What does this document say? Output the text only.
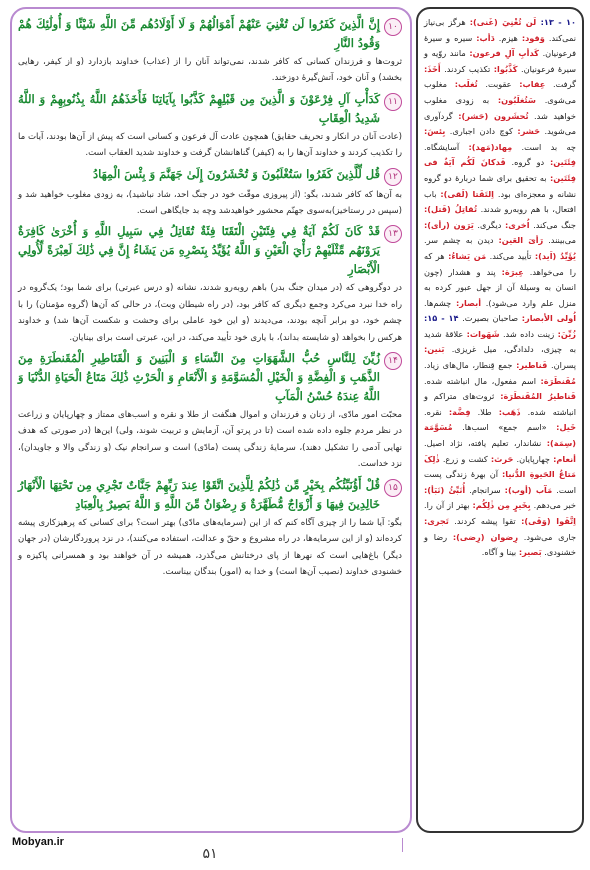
۱۰
إِنَّ الَّذِينَ كَفَرُوا لَن تُغْنِيَ عَنْهُمْ أَمْوَالُهُمْ وَ لَا أَوْلَادُهُم مِّنَ اللَّهِ شَيْئًا وَ أُولَٰئِكَ هُمْ وَقُودُ النَّارِ
ثروت‌ها و فرزندان کسانی که کافر شدند، نمی‌تواند آنان را از (عذاب) خداوند بازدارد (و از کیفر، رهایی بخشد) و آنان خود، آتش‌گیرهٔ دوزخند.
۱۱
كَدَأْبِ آلِ فِرْعَوْنَ وَ الَّذِينَ مِن قَبْلِهِمْ كَذَّبُوا بِآيَاتِنَا فَأَخَذَهُمُ اللَّهُ بِذُنُوبِهِمْ وَ اللَّهُ شَدِيدُ الْعِقَابِ
(عادت آنان در انکار و تحریف حقایق) همچون عادت آل فرعون و کسانی است که پیش از آن‌ها بودند، آیات ما را تکذیب کردند و خداوند آن‌ها را به (کیفر) گناهانشان گرفت و خداوند شدید العقاب است.
۱۲
قُل لِّلَّذِينَ كَفَرُوا سَتُغْلَبُونَ وَ تُحْشَرُونَ إِلَىٰ جَهَنَّمَ وَ بِئْسَ الْمِهَادُ
به آن‌ها که کافر شدند، بگو: (از پیروزی موقّت خود در جنگ احد، شاد نباشید)، به زودی مغلوب خواهید شد و (سپس در رستاخیز)به‌سوی جهنّم محشور خواهیدشد وچه بد جایگاهی است.
۱۳
قَدْ كَانَ لَكُمْ آيَةٌ فِي فِئَتَيْنِ الْتَقَتَا فِئَةٌ تُقَاتِلُ فِي سَبِيلِ اللَّهِ وَ أُخْرَىٰ كَافِرَةٌ يَرَوْنَهُم مِّثْلَيْهِمْ رَأْيَ الْعَيْنِ وَ اللَّهُ يُؤَيِّدُ بِنَصْرِهِ مَن يَشَاءُ إِنَّ فِي ذَٰلِكَ لَعِبْرَةً لِّأُولِي الْأَبْصَارِ
در دوگروهی که (در میدان جنگ بدر) باهم روبه‌رو شدند، نشانه (و درس عبرتی) برای شما بود؛ یک‌گروه در راه خدا نبرد می‌کرد وجمع دیگری که کافر بود، (در راه شیطان وبت)، در حالی که آن‌ها (گروه مؤمنان) را با چشم خود، دو برابر آنچه بودند، می‌دیدند (و این خود عاملی برای وحشت و شکست آن‌ها شد) و خداوند هرکس را بخواهد (و شایسته بداند)، با یاری خود تأیید می‌کند، در این، عبرتی است برای بینایان.
۱۴
زُيِّنَ لِلنَّاسِ حُبُّ الشَّهَوَاتِ مِنَ النِّسَاءِ وَ الْبَنِينَ وَ الْقَنَاطِيرِ الْمُقَنطَرَةِ مِنَ الذَّهَبِ وَ الْفِضَّةِ وَ الْخَيْلِ الْمُسَوَّمَةِ وَ الْأَنْعَامِ وَ الْحَرْثِ ذَٰلِكَ مَتَاعُ الْحَيَاةِ الدُّنْيَا وَ اللَّهُ عِندَهُ حُسْنُ الْمَآبِ
محبّت امور مادّی، از زنان و فرزندان و اموال هنگفت از طلا و نقره و اسب‌های ممتاز و چهارپایان و زراعت در نظر مردم جلوه داده شده است (تا در پرتو آن، آزمایش و تربیت شوند، ولی) این‌ها (در صورتی که هدف نهایی آدمی را تشکیل دهند)، سرمایهٔ زندگی پست (مادّی) است و سرانجام نیک (و زندگی والا و جاویدان)، نزد خداست.
۱۵
قُلْ أَؤُنَبِّئُكُم بِخَيْرٍ مِّن ذَٰلِكُمْ لِلَّذِينَ اتَّقَوْا عِندَ رَبِّهِمْ جَنَّاتٌ تَجْرِي مِن تَحْتِهَا الْأَنْهَارُ خَالِدِينَ فِيهَا وَ أَزْوَاجٌ مُّطَهَّرَةٌ وَ رِضْوَانٌ مِّنَ اللَّهِ وَ اللَّهُ بَصِيرٌ بِالْعِبَادِ
بگو: آیا شما را از چیزی آگاه کنم که از این (سرمایه‌های مادّی) بهتر است؟ برای کسانی که پرهیزکاری پیشه کرده‌اند (و از این سرمایه‌ها، در راه مشروع و حقّ و عدالت، استفاده می‌کنند)، در نزد پروردگارشان (در جهان دیگر) باغ‌هایی است که نهرها از پای درختانش می‌گذرد، همیشه در آن خواهند بود و همسرانی پاکیزه و خشنودی خداوند (نصیب آن‌ها است) و خدا به (امور) بندگان بیناست.
۱۰ - ۱۳: لَن تُغْنِيَ (غَنی): هرگز بی‌نیاز نمی‌کند. وَقود: هیزم. دَأب: سیره و سیرهٔ فرعونیان. کَدأبِ آلِ فرعون: مانند روّیه و سیرهٔ فرعونیان. کَذَّبُوا: تکذیب کردند. أَخَذَ: گرفت. عِقاب: عقوبت. تُغلَب: مغلوب می‌شوی. سَتُغلَبُون: به زودی مغلوب خواهید شد. تُحشَرون (حَشر): گردآوری می‌شوید. حَشر: کوچ دادن اجباری. بِئسَ: چه بد است. مِهاد(مَهد): آسایشگاه. فِئَتَین: دو گروه. قَدکانَ لَکُم آیَةٌ فی فِئَتَین: به تحقیق برای شما دربارهٔ دو گروه نشانه و معجزه‌ای بود. اِلتَقَتا (لَقی): باب افتعال، با هم روبه‌رو شدند. تُقاتِلُ (قَتل): جنگ می‌کند. اُخری: دیگری. یَرَون (رأی): می‌بینند. رَأیَ العَین: دیدن به چشم سر. یُؤَیِّدُ (اَید): تأیید می‌کند. مَن یَشاءُ: هر که را می‌خواهد. عِبرَة: پند و هشدار (چون انسان به وسیلهٔ آن از جهل عبور کرده به منزل علم وارد می‌شود). أبصار: چشم‌ها. اُولی الأبصار: صاحبان بصیرت. ۱۴ - ۱۵: زُیِّنَ: زینت داده شد. شَهَوات: علاقهٔ شدید به چیزی، دلدادگی، میل غریزی. بَنین: پسران. قَناطیر: جمع قِنطار، مال‌های زیاد. مُقَنطَرَة: اسم مفعول، مال انباشته شده. قَناطیرُ المُقَنطَرَة: ثروت‌های متراکم و انباشته شده. ذَهَب: طلا. فِضَّة: نقره. خَیل: «اسم جمع» اسب‌ها. مُسَوَّمَة (سِمَة): نشاندار، تعلیم یافته، نژاد اصیل. أنعام: چهارپایان. حَرث: کشت و زرع. ذٰلِکَ مَتاعُ الحَیوةِ الدُّنیا: آن بهرهٔ زندگی پست است. مَآب (أوب): سرانجام. أُنَبِّئُ (نَبَأ): خبر می‌دهم. بِخَیرٍ مِن ذٰلِکُم: بهتر از آن را. اِتَّقَوا (وَقَی): تقوا پیشه کردند. تَجری: جاری می‌شود. رِضوان (رِضی): رضا و خشنودی. بَصیر: بینا و آگاه.
Mobyan.ir
۵۱
